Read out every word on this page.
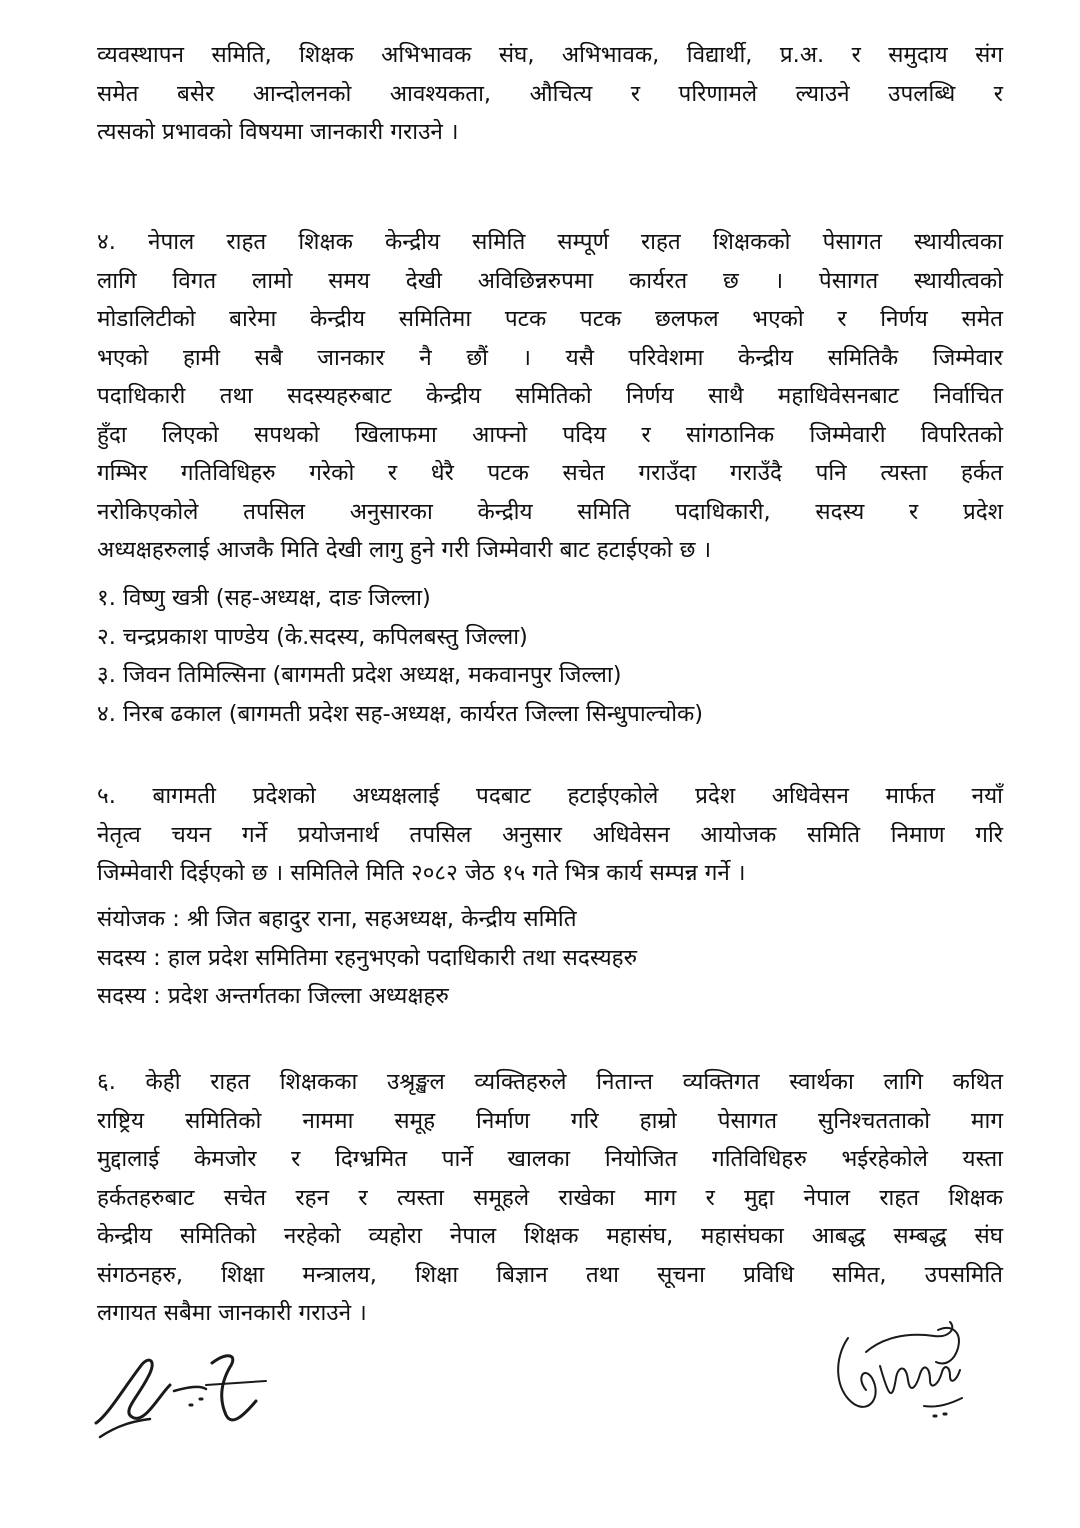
व्यवस्थापन समिति, शिक्षक अभिभावक संघ, अभिभावक, विद्यार्थी, प्र.अ. र समुदाय संग

समेत बसेर आन्दोलनको आवश्यकता, औचित्य र परिणामले ल्याउने उपलब्धि र

त्यसको प्रभावको विषयमा जानकारी गराउने ।

४. नेपाल राहत शिक्षक केन्द्रीय समिति सम्पूर्ण राहत शिक्षकको पेसागत स्थायीत्वका

लागि विगत लामो समय देखी अविछिन्नरुपमा कार्यरत छ । पेसागत स्थायीत्वको

मोडालिटीको बारेमा केन्द्रीय समितिमा पटक पटक छलफल भएको र निर्णय समेत

भएको हामी सबै जानकार नै छौं । यसै परिवेशमा केन्द्रीय समितिकै जिम्मेवार

पदाधिकारी तथा सदस्यहरुबाट केन्द्रीय समितिको निर्णय साथै महाधिवेसनबाट निर्वाचित

हुँदा लिएको सपथको खिलाफमा आफ्नो पदिय र सांगठानिक जिम्मेवारी विपरितको

गम्भिर गतिविधिहरु गरेको र धेरै पटक सचेत गराउँदा गराउँदै पनि त्यस्ता हर्कत

नरोकिएकोले तपसिल अनुसारका केन्द्रीय समिति पदाधिकारी, सदस्य र प्रदेश

अध्यक्षहरुलाई आजकै मिति देखी लागु हुने गरी जिम्मेवारी बाट हटाईएको छ ।

१. विष्णु खत्री (सह-अध्यक्ष, दाङ जिल्ला)
२. चन्द्रप्रकाश पाण्डेय (के.सदस्य, कपिलबस्तु जिल्ला)
३. जिवन तिमिल्सिना (बागमती प्रदेश अध्यक्ष, मकवानपुर जिल्ला)
४. निरब ढकाल (बागमती प्रदेश सह-अध्यक्ष, कार्यरत जिल्ला सिन्धुपाल्चोक)

५. बागमती प्रदेशको अध्यक्षलाई पदबाट हटाईएकोले प्रदेश अधिवेसन मार्फत नयाँ

नेतृत्व चयन गर्ने प्रयोजनार्थ तपसिल अनुसार अधिवेसन आयोजक समिति निमाण गरि

जिम्मेवारी दिईएको छ । समितिले मिति २०८२ जेठ १५ गते भित्र कार्य सम्पन्न गर्ने ।

संयोजक : श्री जित बहादुर राना, सहअध्यक्ष, केन्द्रीय समिति
सदस्य : हाल प्रदेश समितिमा रहनुभएको पदाधिकारी तथा सदस्यहरु
सदस्य : प्रदेश अन्तर्गतका जिल्ला अध्यक्षहरु

६. केही राहत शिक्षकका उश्रृङ्खल व्यक्तिहरुले नितान्त व्यक्तिगत स्वार्थका लागि कथित

राष्ट्रिय समितिको नाममा समूह निर्माण गरि हाम्रो पेसागत सुनिश्चतताको माग

मुद्दालाई केमजोर र दिग्भ्रमित पार्ने खालका नियोजित गतिविधिहरु भईरहेकोले यस्ता

हर्कतहरुबाट सचेत रहन र त्यस्ता समूहले राखेका माग र मुद्दा नेपाल राहत शिक्षक

केन्द्रीय समितिको नरहेको व्यहोरा नेपाल शिक्षक महासंघ, महासंघका आबद्ध सम्बद्ध संघ

संगठनहरु, शिक्षा मन्त्रालय, शिक्षा बिज्ञान तथा सूचना प्रविधि समित, उपसमिति

लगायत सबैमा जानकारी गराउने ।
